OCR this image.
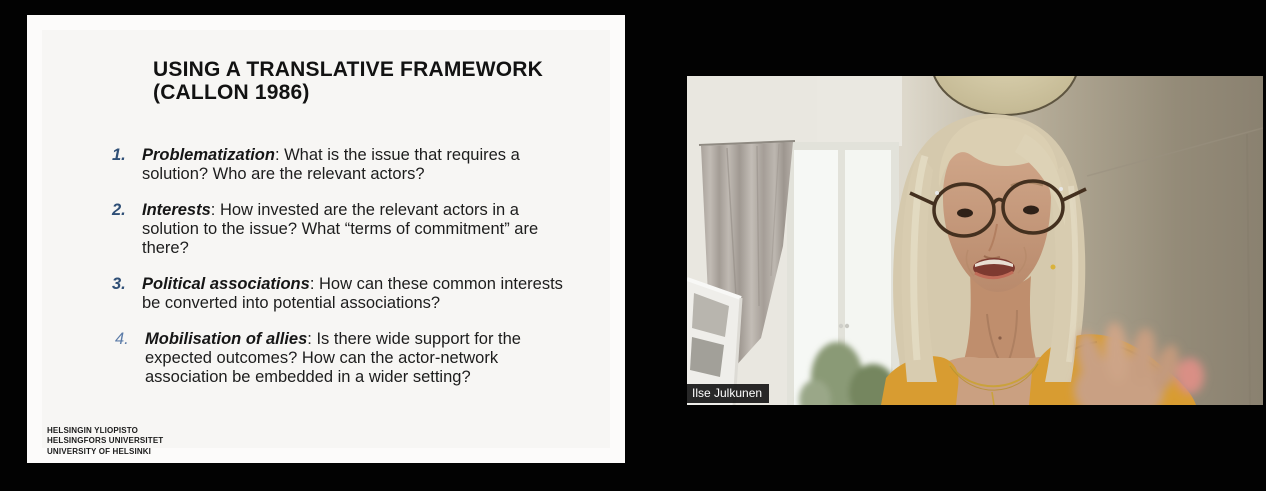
USING A TRANSLATIVE FRAMEWORK
(CALLON 1986)
1. Problematization: What is the issue that requires a solution? Who are the relevant actors?
2. Interests: How invested are the relevant actors in a solution to the issue? What “terms of commitment” are there?
3. Political associations: How can these common interests be converted into potential associations?
4. Mobilisation of allies: Is there wide support for the expected outcomes? How can the actor-network association be embedded in a wider setting?
HELSINGIN YLIOPISTO
HELSINGFORS UNIVERSITET
UNIVERSITY OF HELSINKI
Ilse Julkunen
